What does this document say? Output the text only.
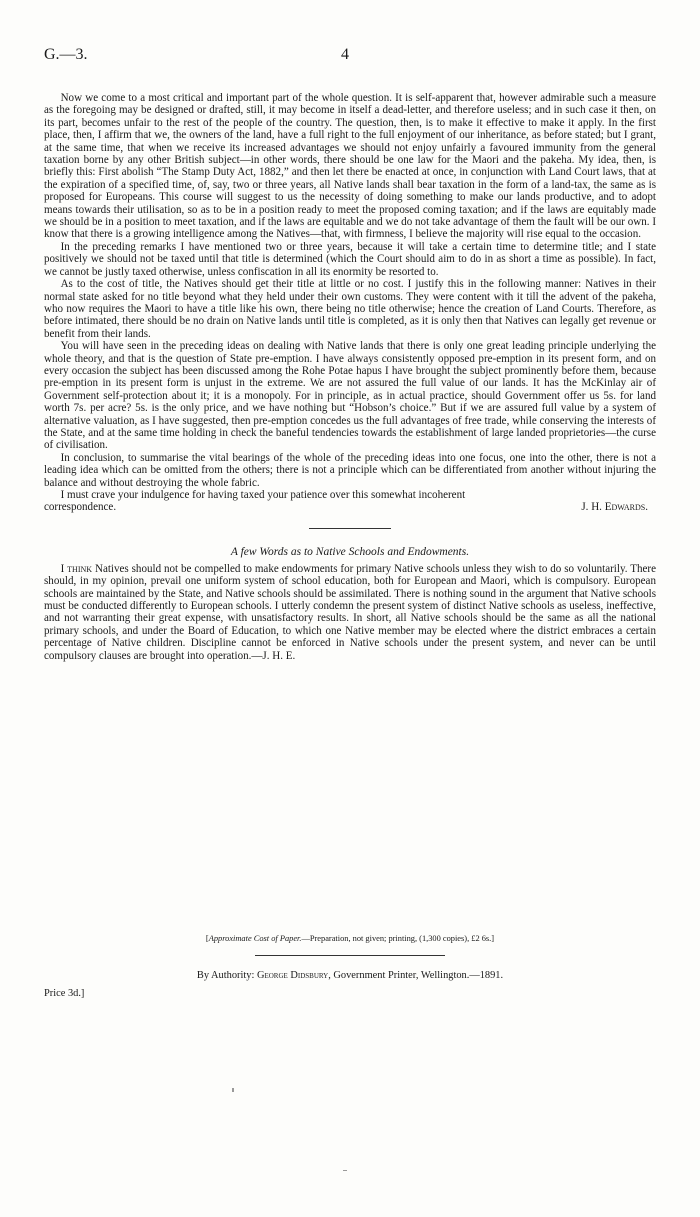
G.—3.	4

Now we come to a most critical and important part of the whole question. It is self-apparent that, however admirable such a measure as the foregoing may be designed or drafted, still, it may become in itself a dead-letter, and therefore useless; and in such case it then, on its part, becomes unfair to the rest of the people of the country. The question, then, is to make it effective to make it apply. In the first place, then, I affirm that we, the owners of the land, have a full right to the full enjoyment of our inheritance, as before stated; but I grant, at the same time, that when we receive its increased advantages we should not enjoy unfairly a favoured immunity from the general taxation borne by any other British subject—in other words, there should be one law for the Maori and the pakeha. My idea, then, is briefly this: First abolish “The Stamp Duty Act, 1882,” and then let there be enacted at once, in conjunction with Land Court laws, that at the expiration of a specified time, of, say, two or three years, all Native lands shall bear taxation in the form of a land-tax, the same as is proposed for Europeans. This course will suggest to us the necessity of doing something to make our lands productive, and to adopt means towards their utilisation, so as to be in a position ready to meet the proposed coming taxation; and if the laws are equitably made we should be in a position to meet taxation, and if the laws are equitable and we do not take advantage of them the fault will be our own. I know that there is a growing intelligence among the Natives—that, with firmness, I believe the majority will rise equal to the occasion.

In the preceding remarks I have mentioned two or three years, because it will take a certain time to determine title; and I state positively we should not be taxed until that title is determined (which the Court should aim to do in as short a time as possible). In fact, we cannot be justly taxed otherwise, unless confiscation in all its enormity be resorted to.

As to the cost of title, the Natives should get their title at little or no cost. I justify this in the following manner: Natives in their normal state asked for no title beyond what they held under their own customs. They were content with it till the advent of the pakeha, who now requires the Maori to have a title like his own, there being no title otherwise; hence the creation of Land Courts. Therefore, as before intimated, there should be no drain on Native lands until title is completed, as it is only then that Natives can legally get revenue or benefit from their lands.

You will have seen in the preceding ideas on dealing with Native lands that there is only one great leading principle underlying the whole theory, and that is the question of State pre-emption. I have always consistently opposed pre-emption in its present form, and on every occasion the subject has been discussed among the Rohe Potae hapus I have brought the subject prominently before them, because pre-emption in its present form is unjust in the extreme. We are not assured the full value of our lands. It has the McKinlay air of Government self-protection about it; it is a monopoly. For in principle, as in actual practice, should Government offer us 5s. for land worth 7s. per acre? 5s. is the only price, and we have nothing but “Hobson’s choice.” But if we are assured full value by a system of alternative valuation, as I have suggested, then pre-emption concedes us the full advantages of free trade, while conserving the interests of the State, and at the same time holding in check the baneful tendencies towards the establishment of large landed proprietories—the curse of civilisation.

In conclusion, to summarise the vital bearings of the whole of the preceding ideas into one focus, one into the other, there is not a leading idea which can be omitted from the others; there is not a principle which can be differentiated from another without injuring the balance and without destroying the whole fabric.

I must crave your indulgence for having taxed your patience over this somewhat incoherent

correspondence.	J. H. Edwards.
A few Words as to Native Schools and Endowments.

I think Natives should not be compelled to make endowments for primary Native schools unless they wish to do so voluntarily. There should, in my opinion, prevail one uniform system of school education, both for European and Maori, which is compulsory. European schools are maintained by the State, and Native schools should be assimilated. There is nothing sound in the argument that Native schools must be conducted differently to European schools. I utterly condemn the present system of distinct Native schools as useless, ineffective, and not warranting their great expense, with unsatisfactory results. In short, all Native schools should be the same as all the national primary schools, and under the Board of Education, to which one Native member may be elected where the district embraces a certain percentage of Native children. Discipline cannot be enforced in Native schools under the present system, and never can be until compulsory clauses are brought into operation.—J. H. E.

[Approximate Cost of Paper.—Preparation, not given; printing, (1,300 copies), £2 6s.]
By Authority: George Didsbury, Government Printer, Wellington.—1891.
Price 3d.]
